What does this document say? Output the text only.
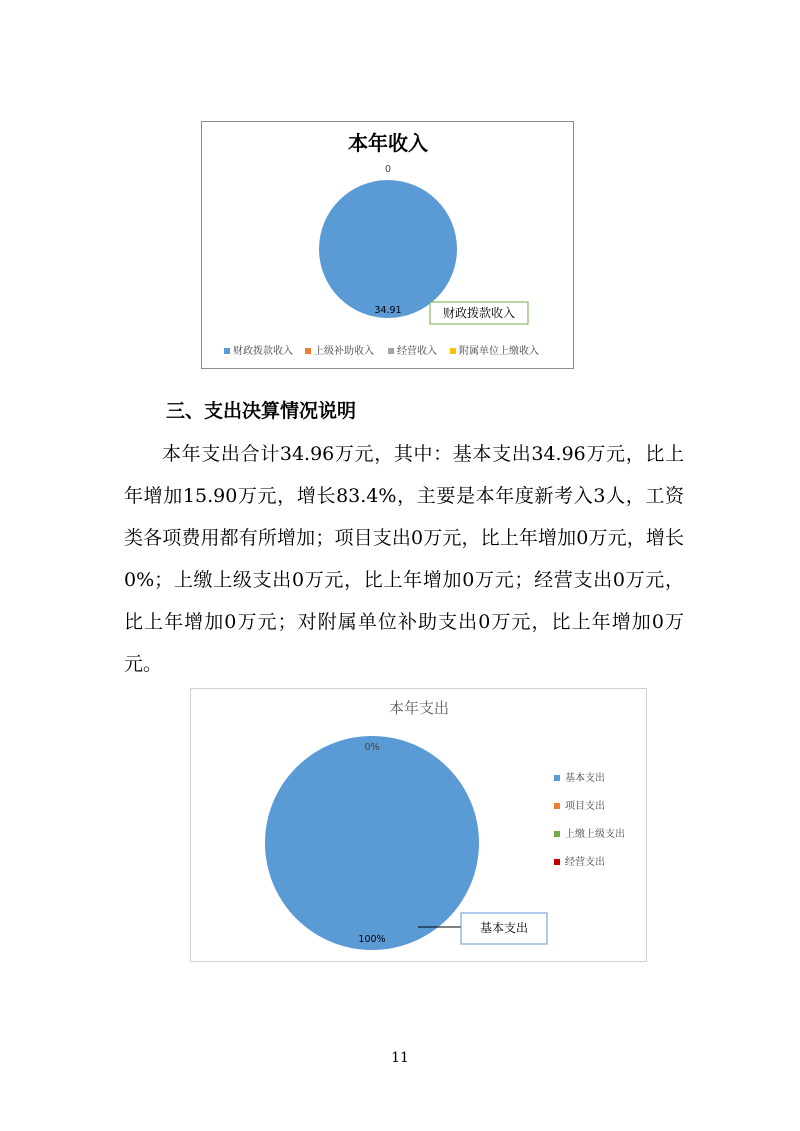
本年收入
0
34.91	财政拨款收入
财政拨款收入 上级补助收入 经营收入 附属单位上缴收入
三、支出决算情况说明

本年支出合计34.96万元，其中：基本支出34.96万元，比上年增加15.90万元，增长83.4%，主要是本年度新考入3人，工资类各项费用都有所增加；项目支出0万元，比上年增加0万元，增长0%；上缴上级支出0万元，比上年增加0万元；经营支出0万元，比上年增加0万元；对附属单位补助支出0万元，比上年增加0万元。

本年支出
0%
100%
基本支出
基本支出
项目支出
上缴上级支出
经营支出
11
